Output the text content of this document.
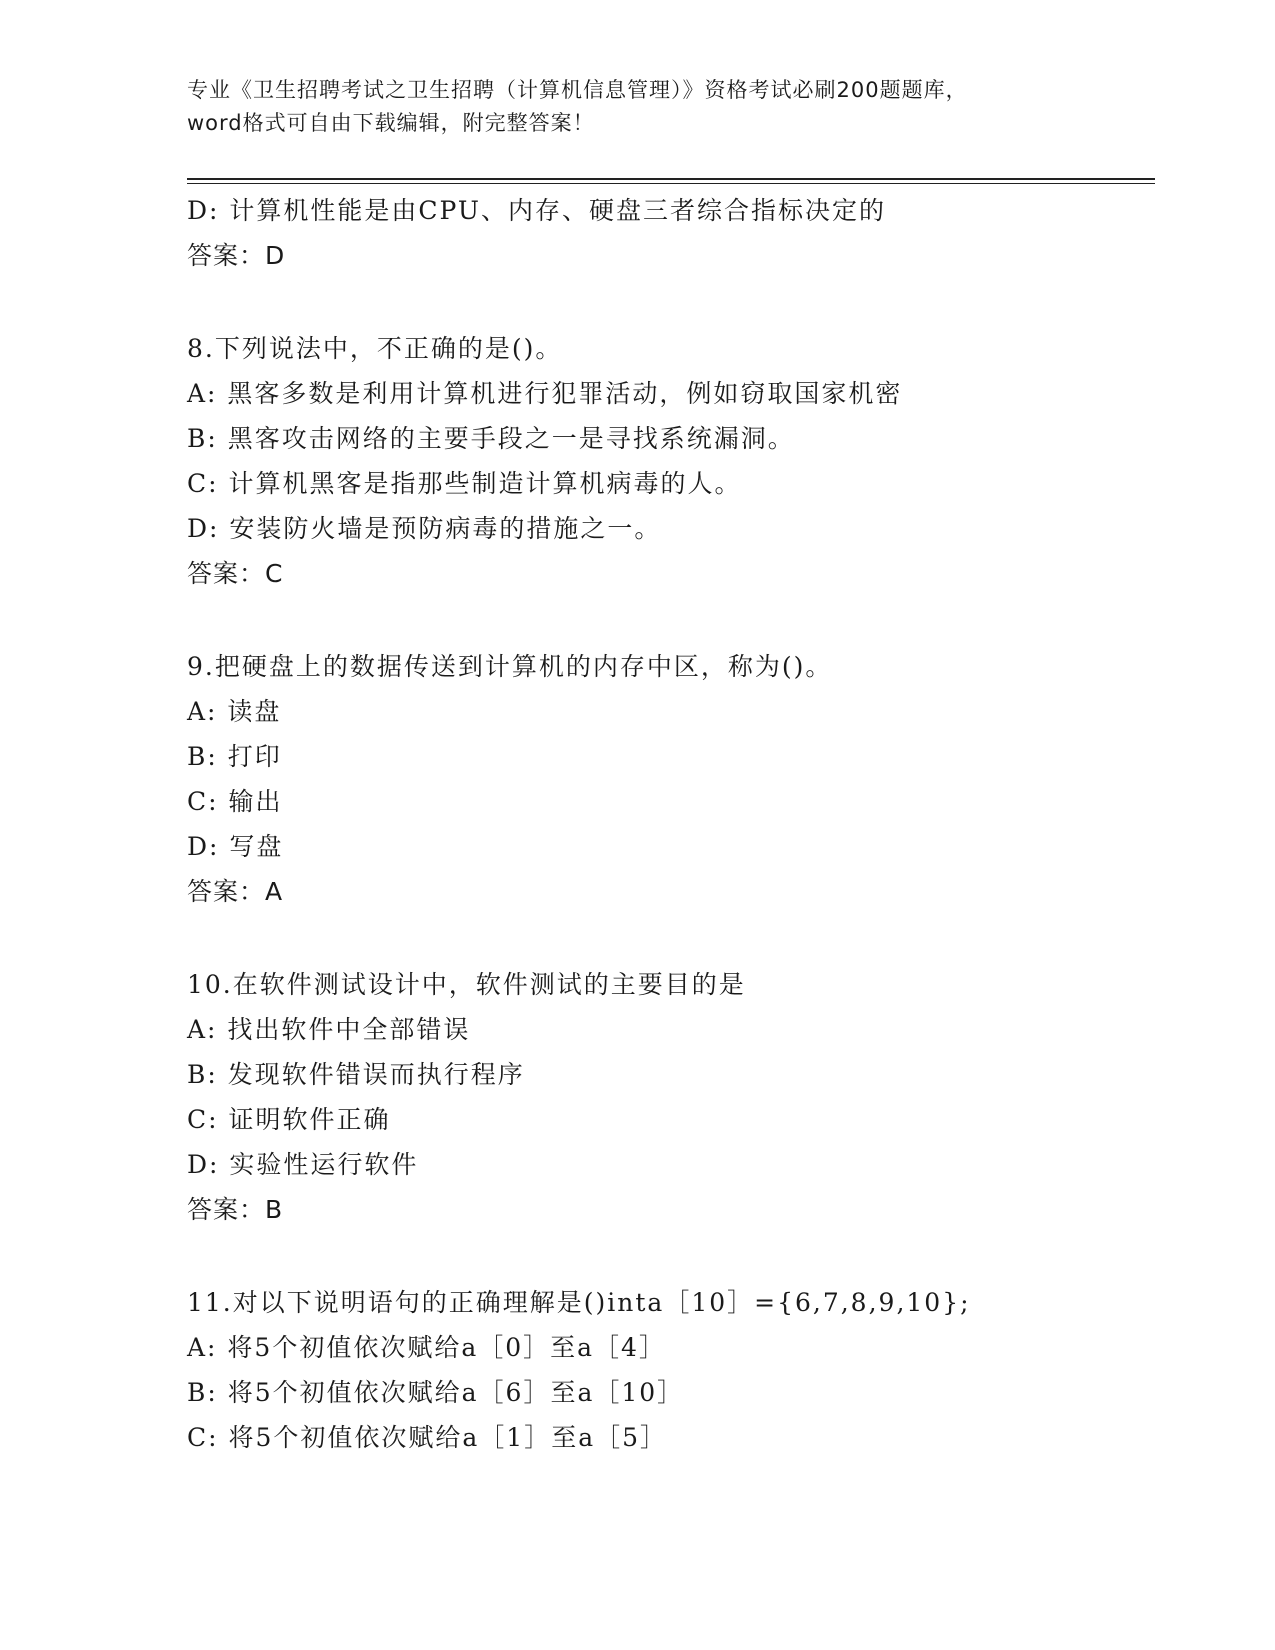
专业《卫生招聘考试之卫生招聘（计算机信息管理）》资格考试必刷200题题库，
word格式可自由下载编辑，附完整答案！
D: 计算机性能是由CPU、内存、硬盘三者综合指标决定的
答案：D
8.下列说法中，不正确的是()。
A: 黑客多数是利用计算机进行犯罪活动，例如窃取国家机密
B: 黑客攻击网络的主要手段之一是寻找系统漏洞。
C: 计算机黑客是指那些制造计算机病毒的人。
D: 安装防火墙是预防病毒的措施之一。
答案：C
9.把硬盘上的数据传送到计算机的内存中区，称为()。
A: 读盘
B: 打印
C: 输出
D: 写盘
答案：A
10.在软件测试设计中，软件测试的主要目的是
A: 找出软件中全部错误
B: 发现软件错误而执行程序
C: 证明软件正确
D: 实验性运行软件
答案：B
11.对以下说明语句的正确理解是()inta［10］={6,7,8,9,10};
A: 将5个初值依次赋给a［0］至a［4］
B: 将5个初值依次赋给a［6］至a［10］
C: 将5个初值依次赋给a［1］至a［5］
